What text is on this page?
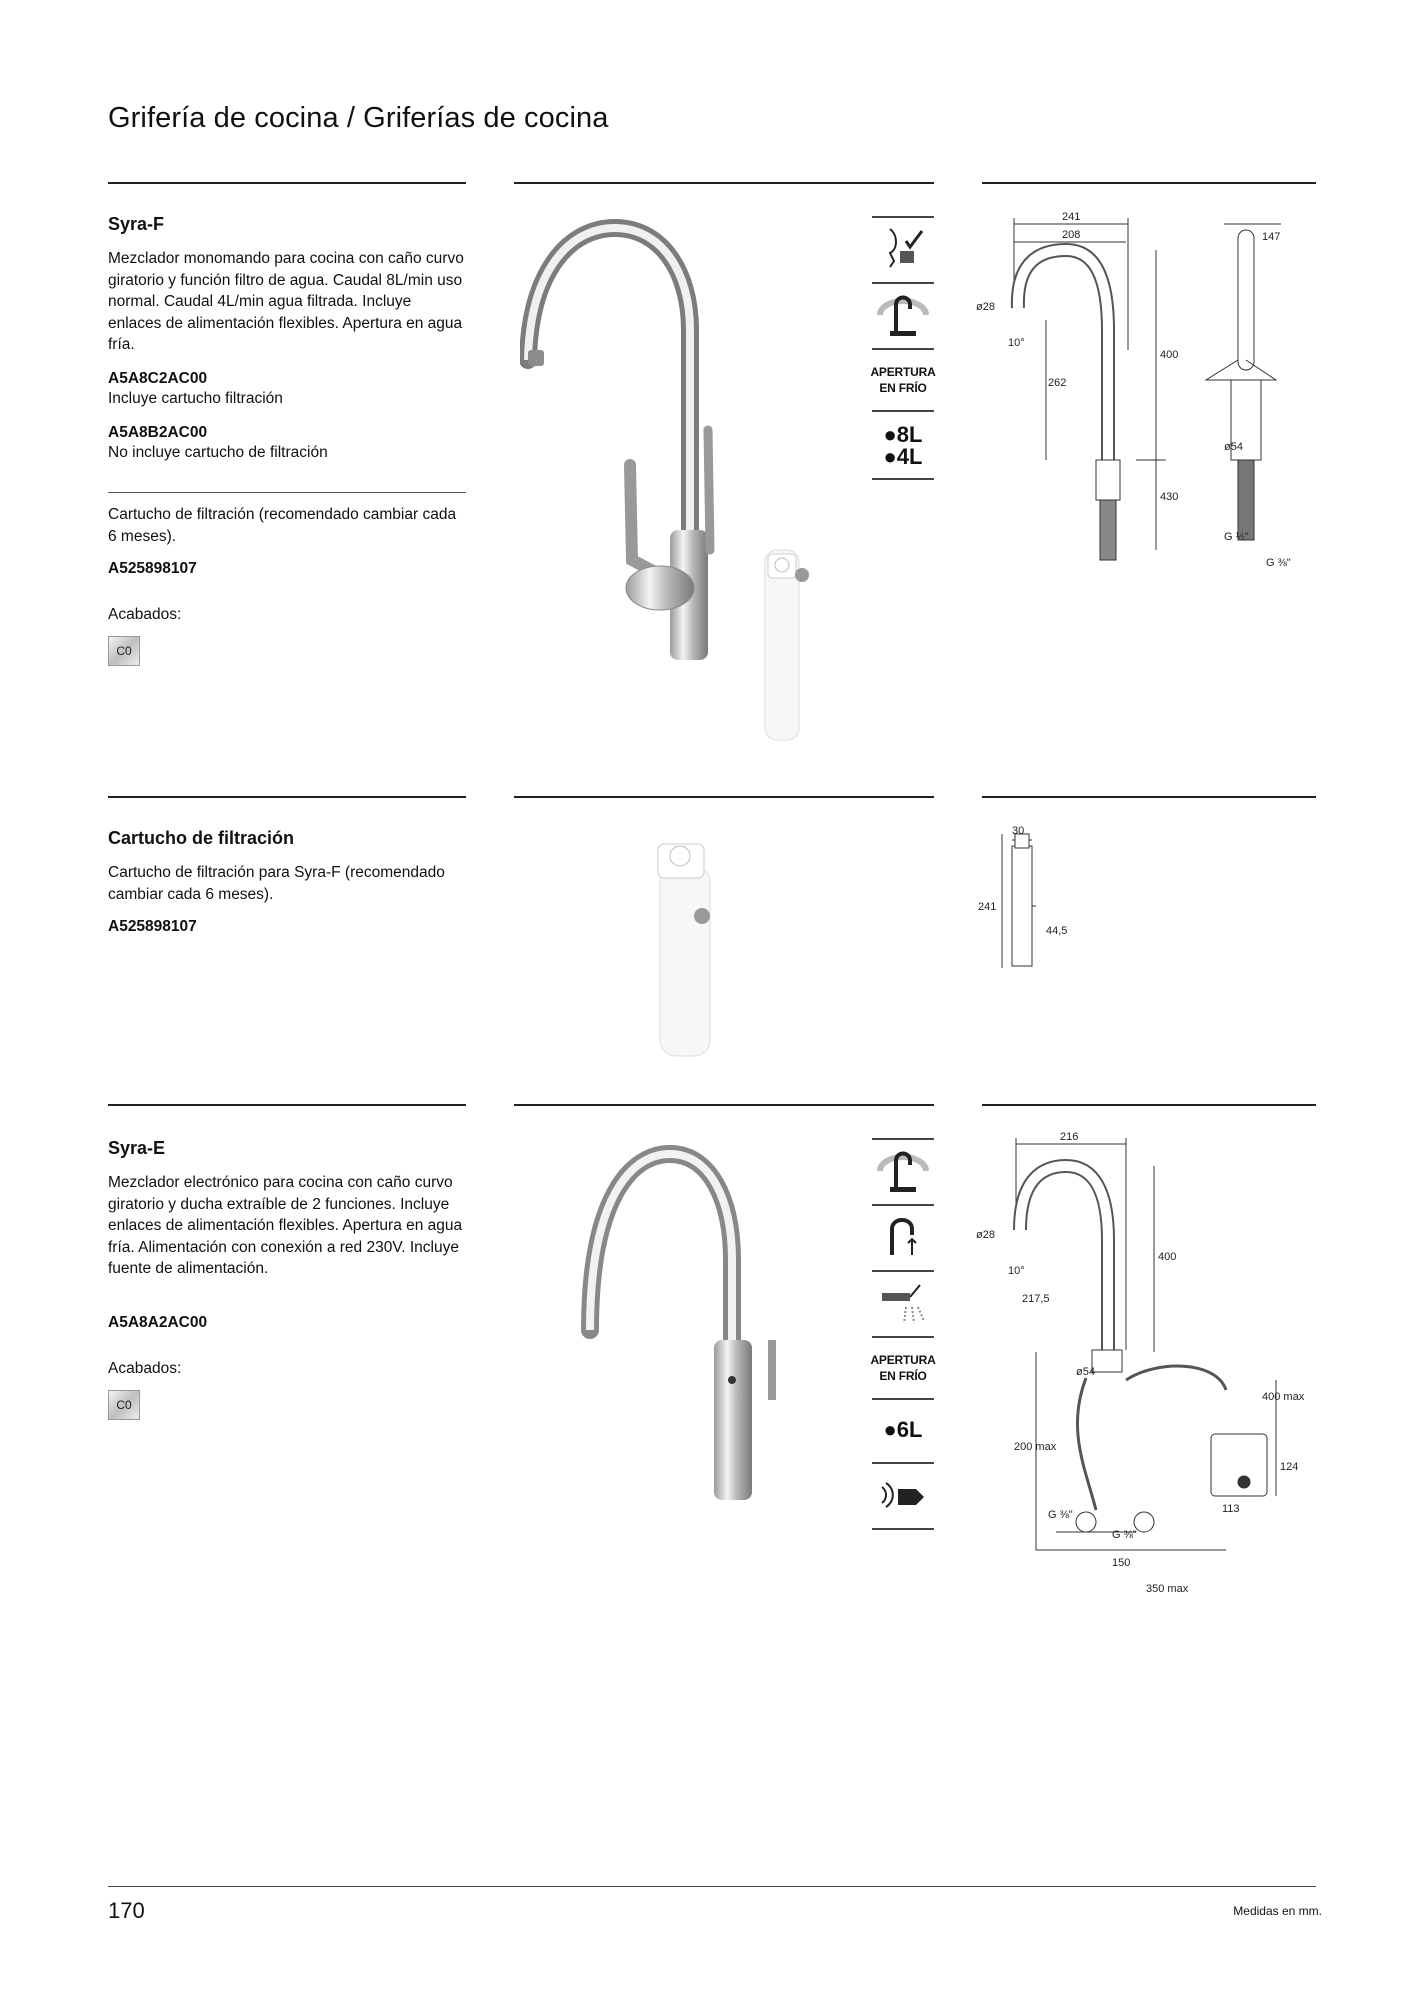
Grifería de cocina / Griferías de cocina
Syra-F
Mezclador monomando para cocina con caño curvo giratorio y función filtro de agua. Caudal 8L/min uso normal. Caudal 4L/min agua filtrada. Incluye enlaces de alimentación flexibles. Apertura en agua fría.
A5A8C2AC00
Incluye cartucho filtración
A5A8B2AC00
No incluye cartucho de filtración
Cartucho de filtración (recomendado cambiar cada 6 meses).
A525898107
Acabados:
C0
APERTURA
EN FRÍO
●8L
●4L
241
208
ø28
10°
262
400
430
147
ø54
G ½"
G ⅜"
Cartucho de filtración
Cartucho de filtración para Syra-F (recomendado cambiar cada 6 meses).
A525898107
30
241
44,5
Syra-E
Mezclador electrónico para cocina con caño curvo giratorio y ducha extraíble de 2 funciones. Incluye enlaces de alimentación flexibles. Apertura en agua fría. Alimentación con conexión a red 230V. Incluye fuente de alimentación.
A5A8A2AC00
Acabados:
C0
APERTURA
EN FRÍO
●6L
216
ø28
10°
217,5
400
ø54
400 max
200 max
124
113
G ⅜"
G ⅜"
150
350 max
170	Medidas en mm.
